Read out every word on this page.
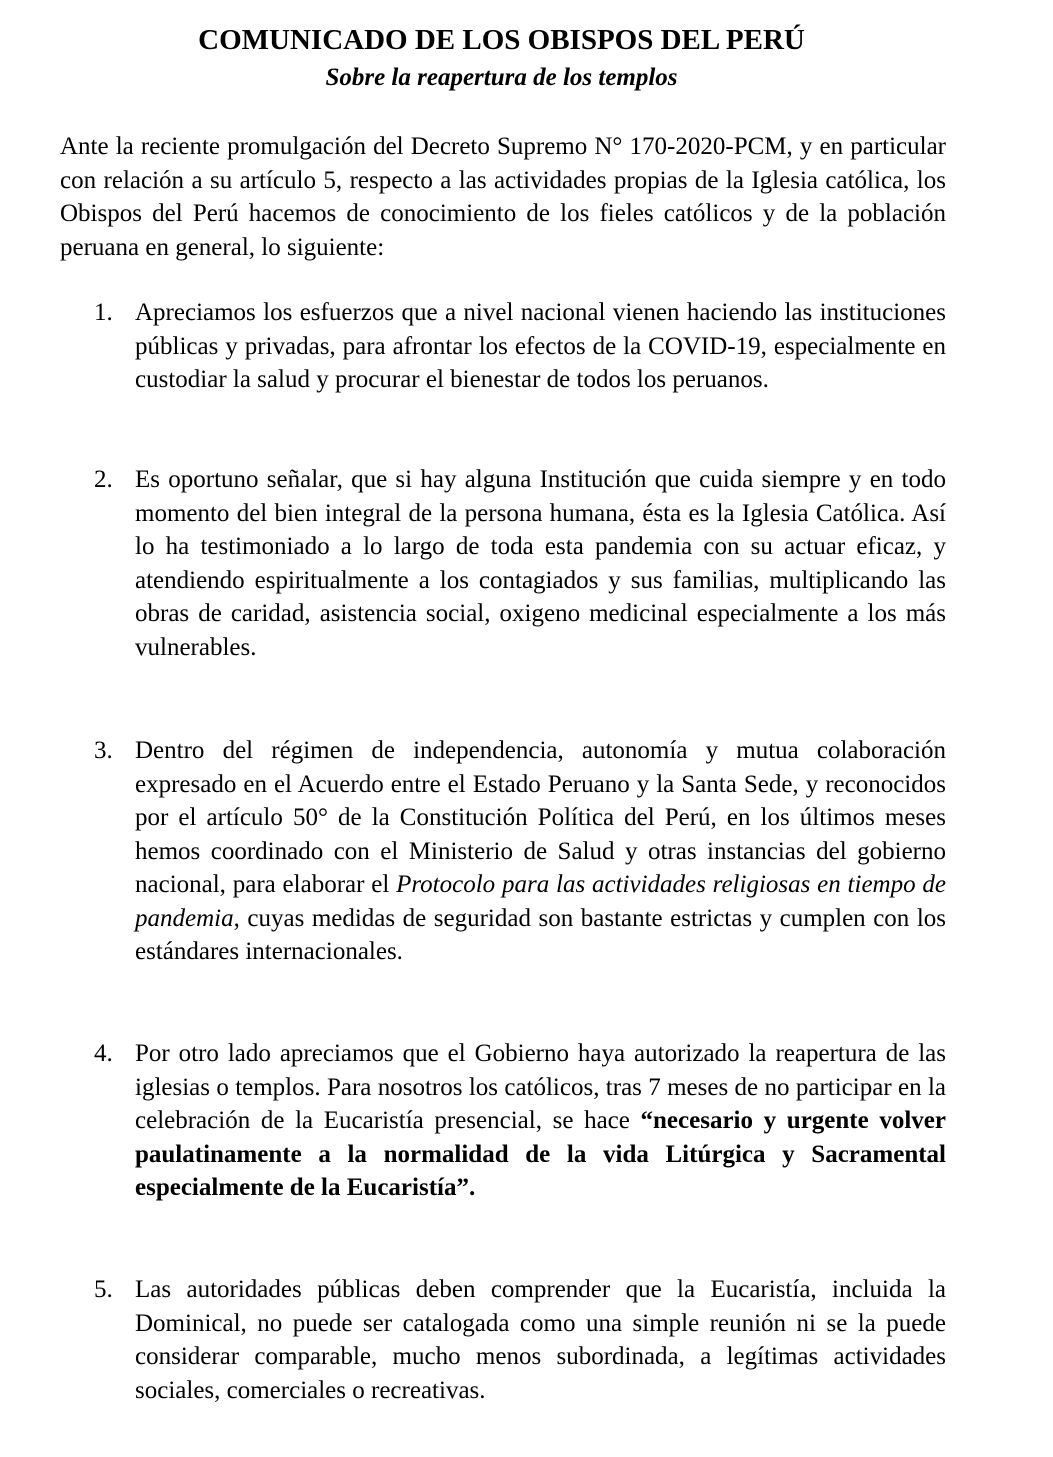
COMUNICADO DE LOS OBISPOS DEL PERÚ
Sobre la reapertura de los templos

Ante la reciente promulgación del Decreto Supremo N° 170-2020-PCM, y en particular con relación a su artículo 5, respecto a las actividades propias de la Iglesia católica, los Obispos del Perú hacemos de conocimiento de los fieles católicos y de la población peruana en general, lo siguiente:

1. Apreciamos los esfuerzos que a nivel nacional vienen haciendo las instituciones públicas y privadas, para afrontar los efectos de la COVID-19, especialmente en custodiar la salud y procurar el bienestar de todos los peruanos.

2. Es oportuno señalar, que si hay alguna Institución que cuida siempre y en todo momento del bien integral de la persona humana, ésta es la Iglesia Católica. Así lo ha testimoniado a lo largo de toda esta pandemia con su actuar eficaz, y atendiendo espiritualmente a los contagiados y sus familias, multiplicando las obras de caridad, asistencia social, oxigeno medicinal especialmente a los más vulnerables.

3. Dentro del régimen de independencia, autonomía y mutua colaboración expresado en el Acuerdo entre el Estado Peruano y la Santa Sede, y reconocidos por el artículo 50° de la Constitución Política del Perú, en los últimos meses hemos coordinado con el Ministerio de Salud y otras instancias del gobierno nacional, para elaborar el Protocolo para las actividades religiosas en tiempo de pandemia, cuyas medidas de seguridad son bastante estrictas y cumplen con los estándares internacionales.

4. Por otro lado apreciamos que el Gobierno haya autorizado la reapertura de las iglesias o templos. Para nosotros los católicos, tras 7 meses de no participar en la celebración de la Eucaristía presencial, se hace “necesario y urgente volver paulatinamente a la normalidad de la vida Litúrgica y Sacramental especialmente de la Eucaristía”.

5. Las autoridades públicas deben comprender que la Eucaristía, incluida la Dominical, no puede ser catalogada como una simple reunión ni se la puede considerar comparable, mucho menos subordinada, a legítimas actividades sociales, comerciales o recreativas.
